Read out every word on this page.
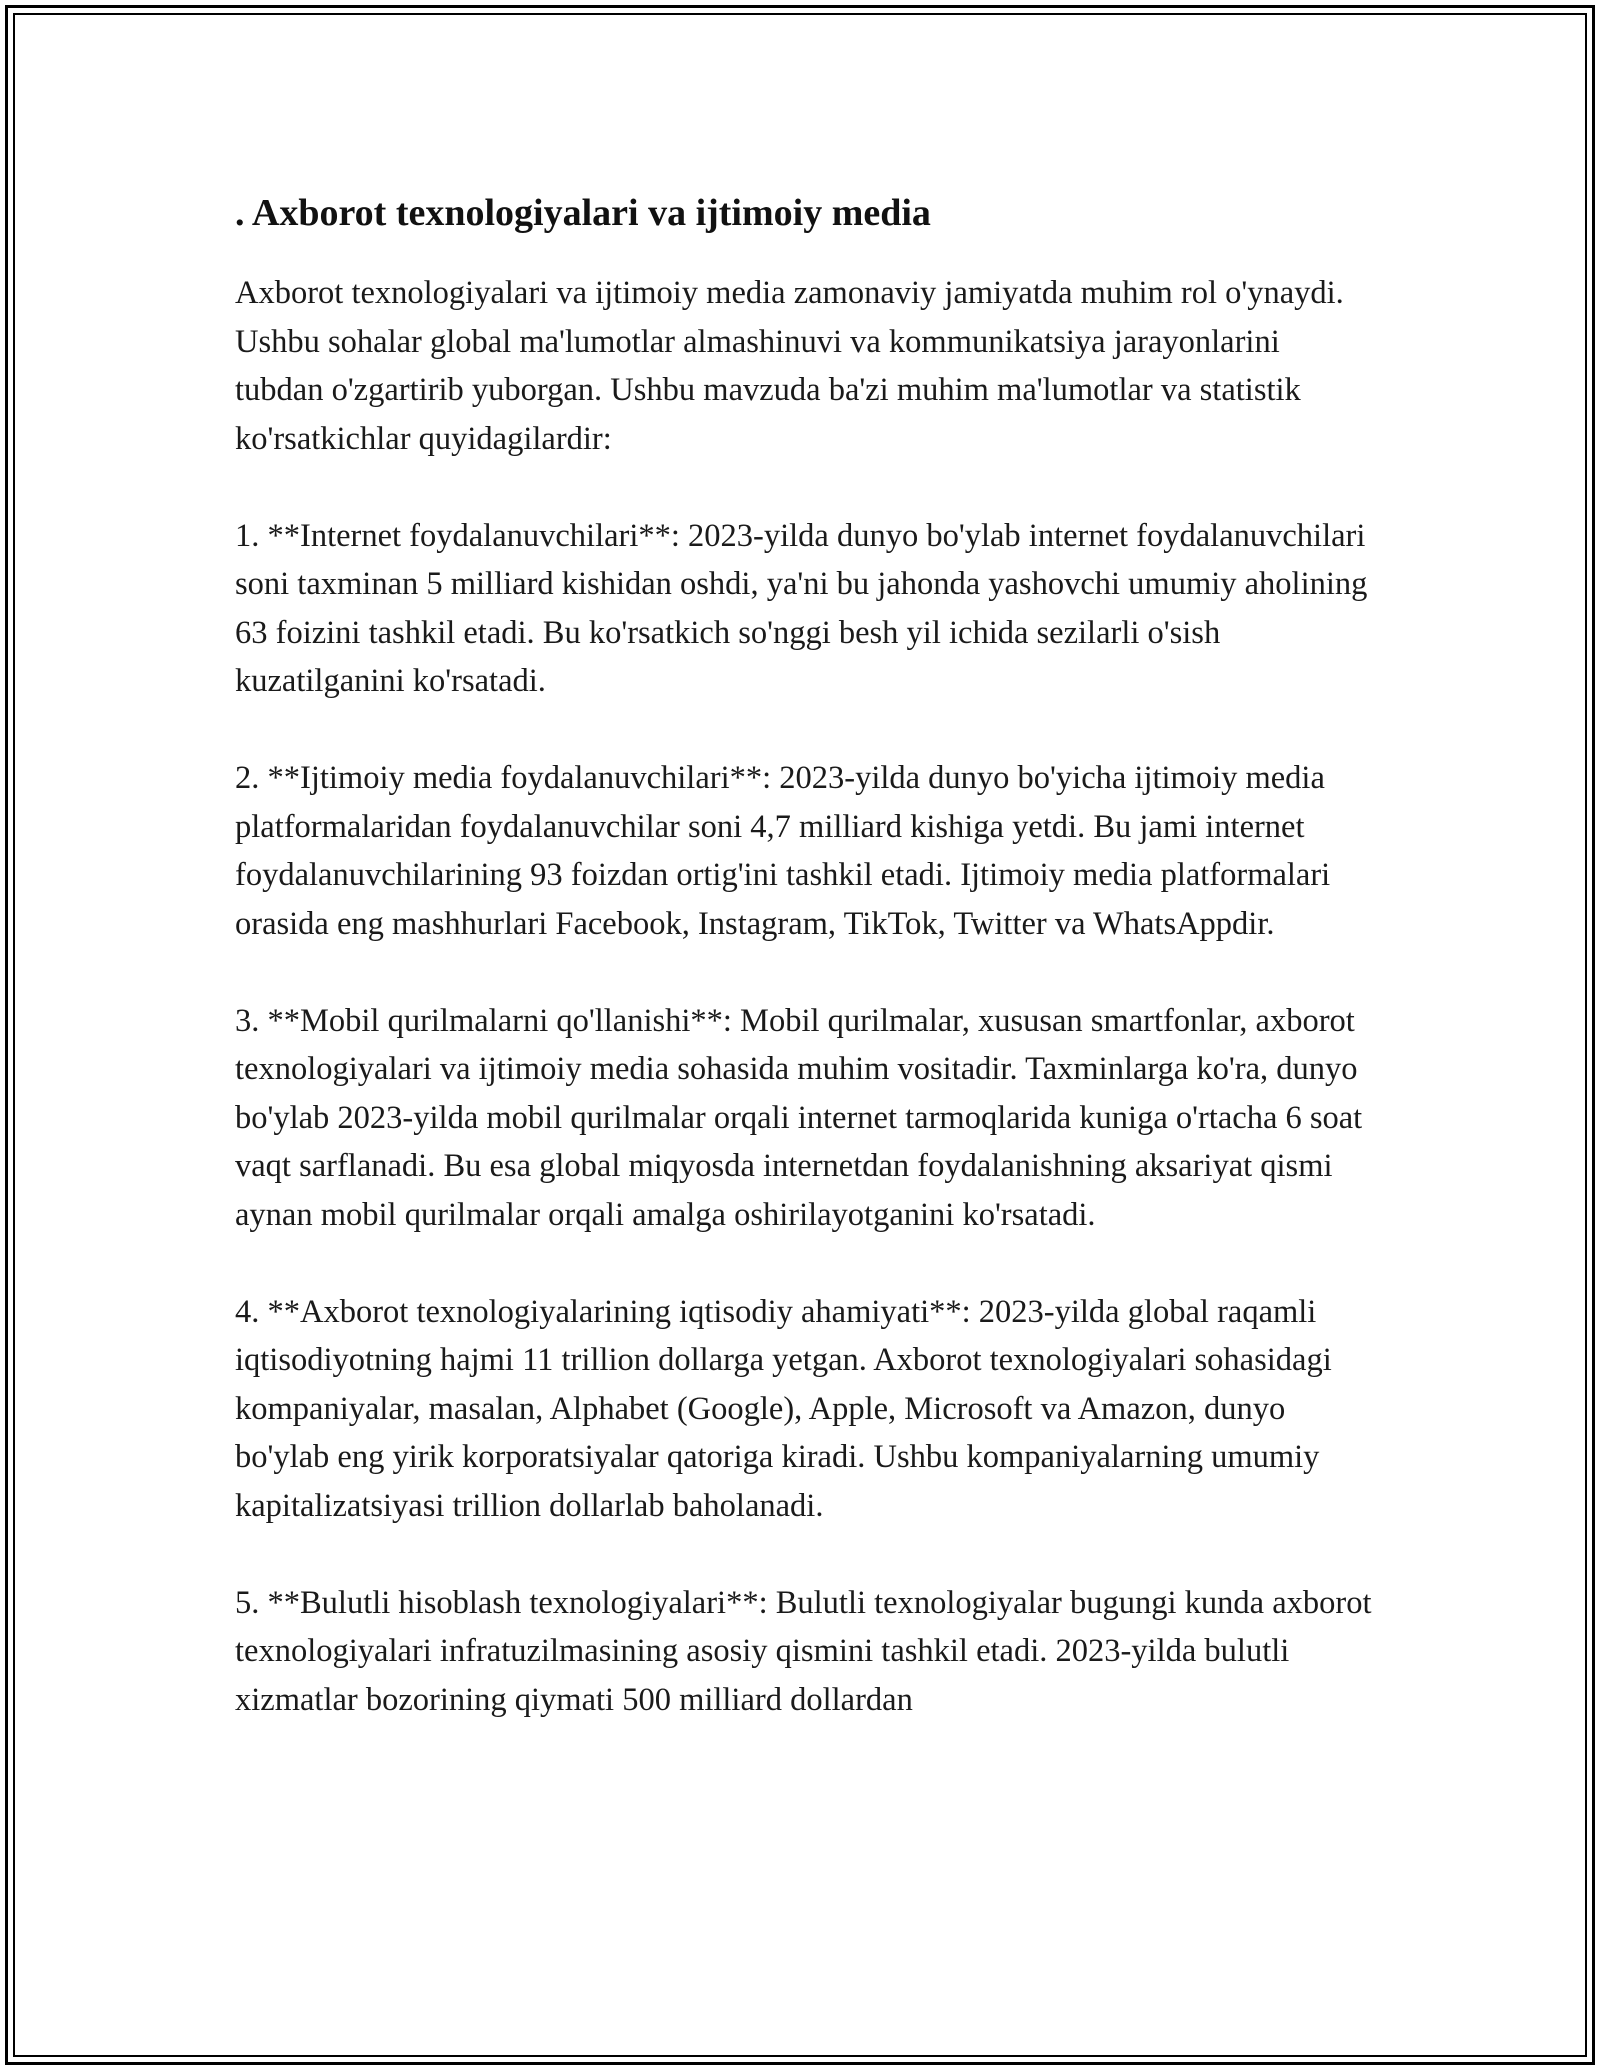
. Axborot texnologiyalari va ijtimoiy media

Axborot texnologiyalari va ijtimoiy media zamonaviy jamiyatda muhim rol o'ynaydi. Ushbu sohalar global ma'lumotlar almashinuvi va kommunikatsiya jarayonlarini tubdan o'zgartirib yuborgan. Ushbu mavzuda ba'zi muhim ma'lumotlar va statistik ko'rsatkichlar quyidagilardir:

1. **Internet foydalanuvchilari**: 2023-yilda dunyo bo'ylab internet foydalanuvchilari soni taxminan 5 milliard kishidan oshdi, ya'ni bu jahonda yashovchi umumiy aholining 63 foizini tashkil etadi. Bu ko'rsatkich so'nggi besh yil ichida sezilarli o'sish kuzatilganini ko'rsatadi.

2. **Ijtimoiy media foydalanuvchilari**: 2023-yilda dunyo bo'yicha ijtimoiy media platformalaridan foydalanuvchilar soni 4,7 milliard kishiga yetdi. Bu jami internet foydalanuvchilarining 93 foizdan ortig'ini tashkil etadi. Ijtimoiy media platformalari orasida eng mashhurlari Facebook, Instagram, TikTok, Twitter va WhatsAppdir.

3. **Mobil qurilmalarni qo'llanishi**: Mobil qurilmalar, xususan smartfonlar, axborot texnologiyalari va ijtimoiy media sohasida muhim vositadir. Taxminlarga ko'ra, dunyo bo'ylab 2023-yilda mobil qurilmalar orqali internet tarmoqlarida kuniga o'rtacha 6 soat vaqt sarflanadi. Bu esa global miqyosda internetdan foydalanishning aksariyat qismi aynan mobil qurilmalar orqali amalga oshirilayotganini ko'rsatadi.

4. **Axborot texnologiyalarining iqtisodiy ahamiyati**: 2023-yilda global raqamli iqtisodiyotning hajmi 11 trillion dollarga yetgan. Axborot texnologiyalari sohasidagi kompaniyalar, masalan, Alphabet (Google), Apple, Microsoft va Amazon, dunyo bo'ylab eng yirik korporatsiyalar qatoriga kiradi. Ushbu kompaniyalarning umumiy kapitalizatsiyasi trillion dollarlab baholanadi.

5. **Bulutli hisoblash texnologiyalari**: Bulutli texnologiyalar bugungi kunda axborot texnologiyalari infratuzilmasining asosiy qismini tashkil etadi. 2023-yilda bulutli xizmatlar bozorining qiymati 500 milliard dollardan
